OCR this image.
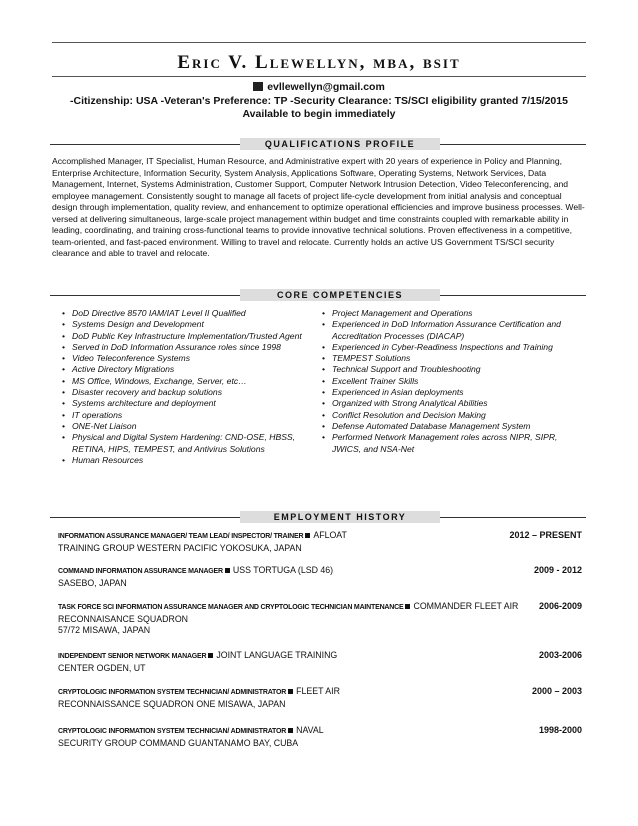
Eric V. Llewellyn, mba, bsit
evllewellyn@gmail.com
-Citizenship: USA -Veteran's Preference: TP -Security Clearance: TS/SCI eligibility granted 7/15/2015
Available to begin immediately
QUALIFICATIONS PROFILE
Accomplished Manager, IT Specialist, Human Resource, and Administrative expert with 20 years of experience in Policy and Planning, Enterprise Architecture, Information Security, System Analysis, Applications Software, Operating Systems, Network Services, Data Management, Internet, Systems Administration, Customer Support, Computer Network Intrusion Detection, Video Teleconferencing, and employee management. Consistently sought to manage all facets of project life-cycle development from initial analysis and conceptual design through implementation, quality review, and enhancement to optimize operational efficiencies and improve business processes. Well-versed at delivering simultaneous, large-scale project management within budget and time constraints coupled with remarkable ability in leading, coordinating, and training cross-functional teams to provide innovative technical solutions. Proven effectiveness in a competitive, team-oriented, and fast-paced environment. Willing to travel and relocate. Currently holds an active US Government TS/SCI security clearance and able to travel and relocate.
CORE COMPETENCIES
• DoD Directive 8570 IAM/IAT Level II Qualified
• Systems Design and Development
• DoD Public Key Infrastructure Implementation/Trusted Agent
• Served in DoD Information Assurance roles since 1998
• Video Teleconference Systems
• Active Directory Migrations
• MS Office, Windows, Exchange, Server, etc…
• Disaster recovery and backup solutions
• Systems architecture and deployment
• IT operations
• ONE-Net Liaison
• Physical and Digital System Hardening: CND-OSE, HBSS, RETINA, HIPS, TEMPEST, and Antivirus Solutions
• Human Resources
• Project Management and Operations
• Experienced in DoD Information Assurance Certification and Accreditation Processes (DIACAP)
• Experienced in Cyber-Readiness Inspections and Training
• TEMPEST Solutions
• Technical Support and Troubleshooting
• Excellent Trainer Skills
• Experienced in Asian deployments
• Organized with Strong Analytical Abilities
• Conflict Resolution and Decision Making
• Defense Automated Database Management System
• Performed Network Management roles across NIPR, SIPR, JWICS, and NSA-Net
EMPLOYMENT HISTORY
INFORMATION ASSURANCE MANAGER/ TEAM LEAD/ INSPECTOR/ TRAINER AFLOAT
TRAINING GROUP WESTERN PACIFIC YOKOSUKA, JAPAN
2012 – PRESENT
COMMAND INFORMATION ASSURANCE MANAGER USS TORTUGA (LSD 46)
SASEBO, JAPAN
2009 - 2012
TASK FORCE SCI INFORMATION ASSURANCE MANAGER AND CRYPTOLOGIC TECHNICIAN MAINTENANCE COMMANDER FLEET AIR RECONNAISANCE SQUADRON
57/72 MISAWA, JAPAN
2006-2009
INDEPENDENT SENIOR NETWORK MANAGER JOINT LANGUAGE TRAINING
CENTER OGDEN, UT
2003-2006
CRYPTOLOGIC INFORMATION SYSTEM TECHNICIAN/ ADMINISTRATOR FLEET AIR
RECONNAISSANCE SQUADRON ONE MISAWA, JAPAN
2000 – 2003
CRYPTOLOGIC INFORMATION SYSTEM TECHNICIAN/ ADMINISTRATOR NAVAL
SECURITY GROUP COMMAND GUANTANAMO BAY, CUBA
1998-2000
